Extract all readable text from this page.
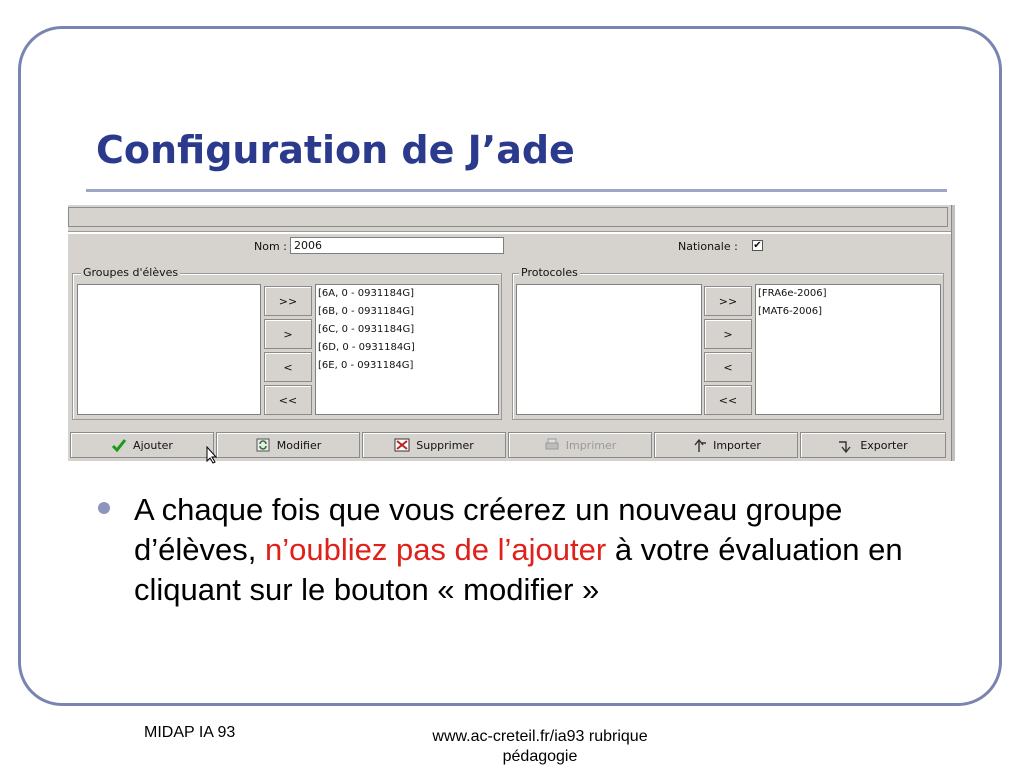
Configuration de J’ade
Nom : 2006	Nationale : ✔
Groupes d'élèves
>>
>
<
<<
[6A, 0 - 0931184G]
[6B, 0 - 0931184G]
[6C, 0 - 0931184G]
[6D, 0 - 0931184G]
[6E, 0 - 0931184G]
Protocoles
>>
>
<
<<
[FRA6e-2006]
[MAT6-2006]
Ajouter	Modifier	Supprimer	Imprimer	Importer	Exporter

A chaque fois que vous créerez un nouveau groupe d’élèves, n’oubliez pas de l’ajouter à votre évaluation en cliquant sur le bouton « modifier »

MIDAP IA 93	www.ac-creteil.fr/ia93 rubrique pédagogie
